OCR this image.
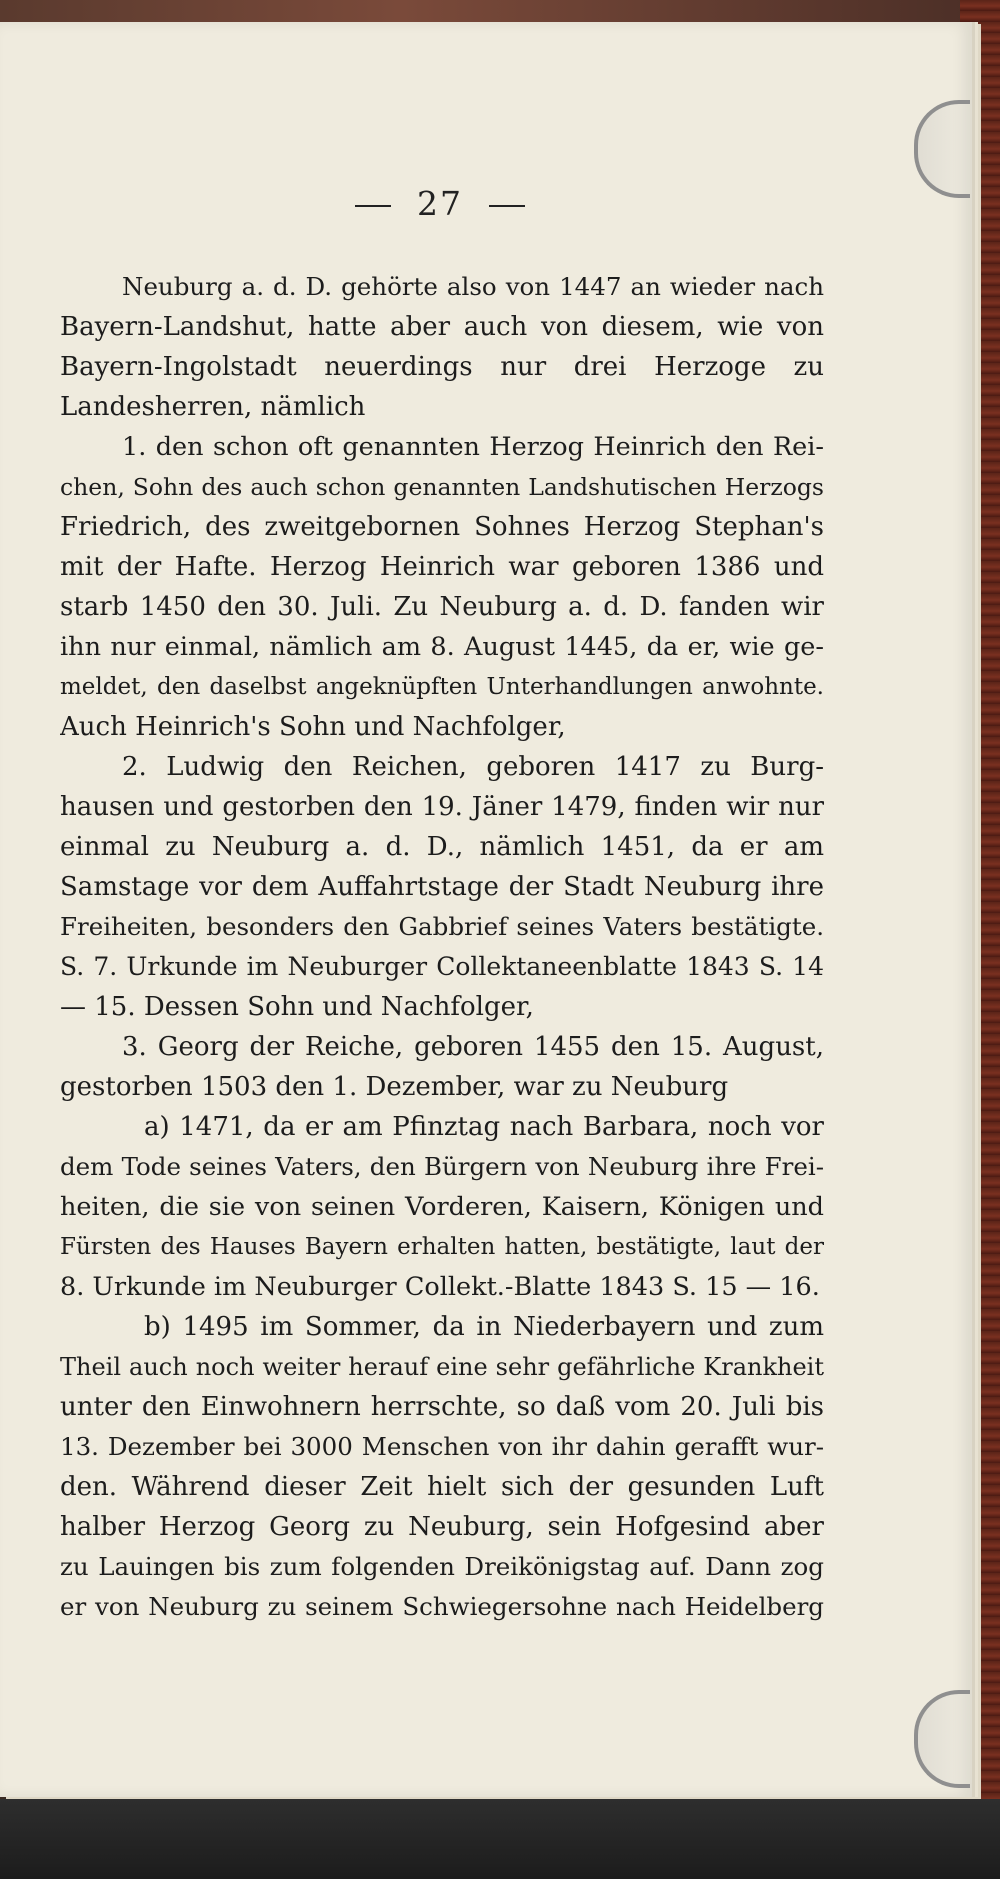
27
Neuburg a. d. D. gehörte also von 1447 an wieder nach
Bayern-Landshut, hatte aber auch von diesem, wie von
Bayern-Ingolstadt neuerdings nur drei Herzoge zu
Landesherren, nämlich
1. den schon oft genannten Herzog Heinrich den Rei-
chen, Sohn des auch schon genannten Landshutischen Herzogs
Friedrich, des zweitgebornen Sohnes Herzog Stephan's
mit der Hafte. Herzog Heinrich war geboren 1386 und
starb 1450 den 30. Juli. Zu Neuburg a. d. D. fanden wir
ihn nur einmal, nämlich am 8. August 1445, da er, wie ge-
meldet, den daselbst angeknüpften Unterhandlungen anwohnte.
Auch Heinrich's Sohn und Nachfolger,
2. Ludwig den Reichen, geboren 1417 zu Burg-
hausen und gestorben den 19. Jäner 1479, finden wir nur
einmal zu Neuburg a. d. D., nämlich 1451, da er am
Samstage vor dem Auffahrtstage der Stadt Neuburg ihre
Freiheiten, besonders den Gabbrief seines Vaters bestätigte.
S. 7. Urkunde im Neuburger Collektaneenblatte 1843 S. 14
— 15. Dessen Sohn und Nachfolger,
3. Georg der Reiche, geboren 1455 den 15. August,
gestorben 1503 den 1. Dezember, war zu Neuburg
a) 1471, da er am Pfinztag nach Barbara, noch vor
dem Tode seines Vaters, den Bürgern von Neuburg ihre Frei-
heiten, die sie von seinen Vorderen, Kaisern, Königen und
Fürsten des Hauses Bayern erhalten hatten, bestätigte, laut der
8. Urkunde im Neuburger Collekt.-Blatte 1843 S. 15 — 16.
b) 1495 im Sommer, da in Niederbayern und zum
Theil auch noch weiter herauf eine sehr gefährliche Krankheit
unter den Einwohnern herrschte, so daß vom 20. Juli bis
13. Dezember bei 3000 Menschen von ihr dahin gerafft wur-
den. Während dieser Zeit hielt sich der gesunden Luft
halber Herzog Georg zu Neuburg, sein Hofgesind aber
zu Lauingen bis zum folgenden Dreikönigstag auf. Dann zog
er von Neuburg zu seinem Schwiegersohne nach Heidelberg
